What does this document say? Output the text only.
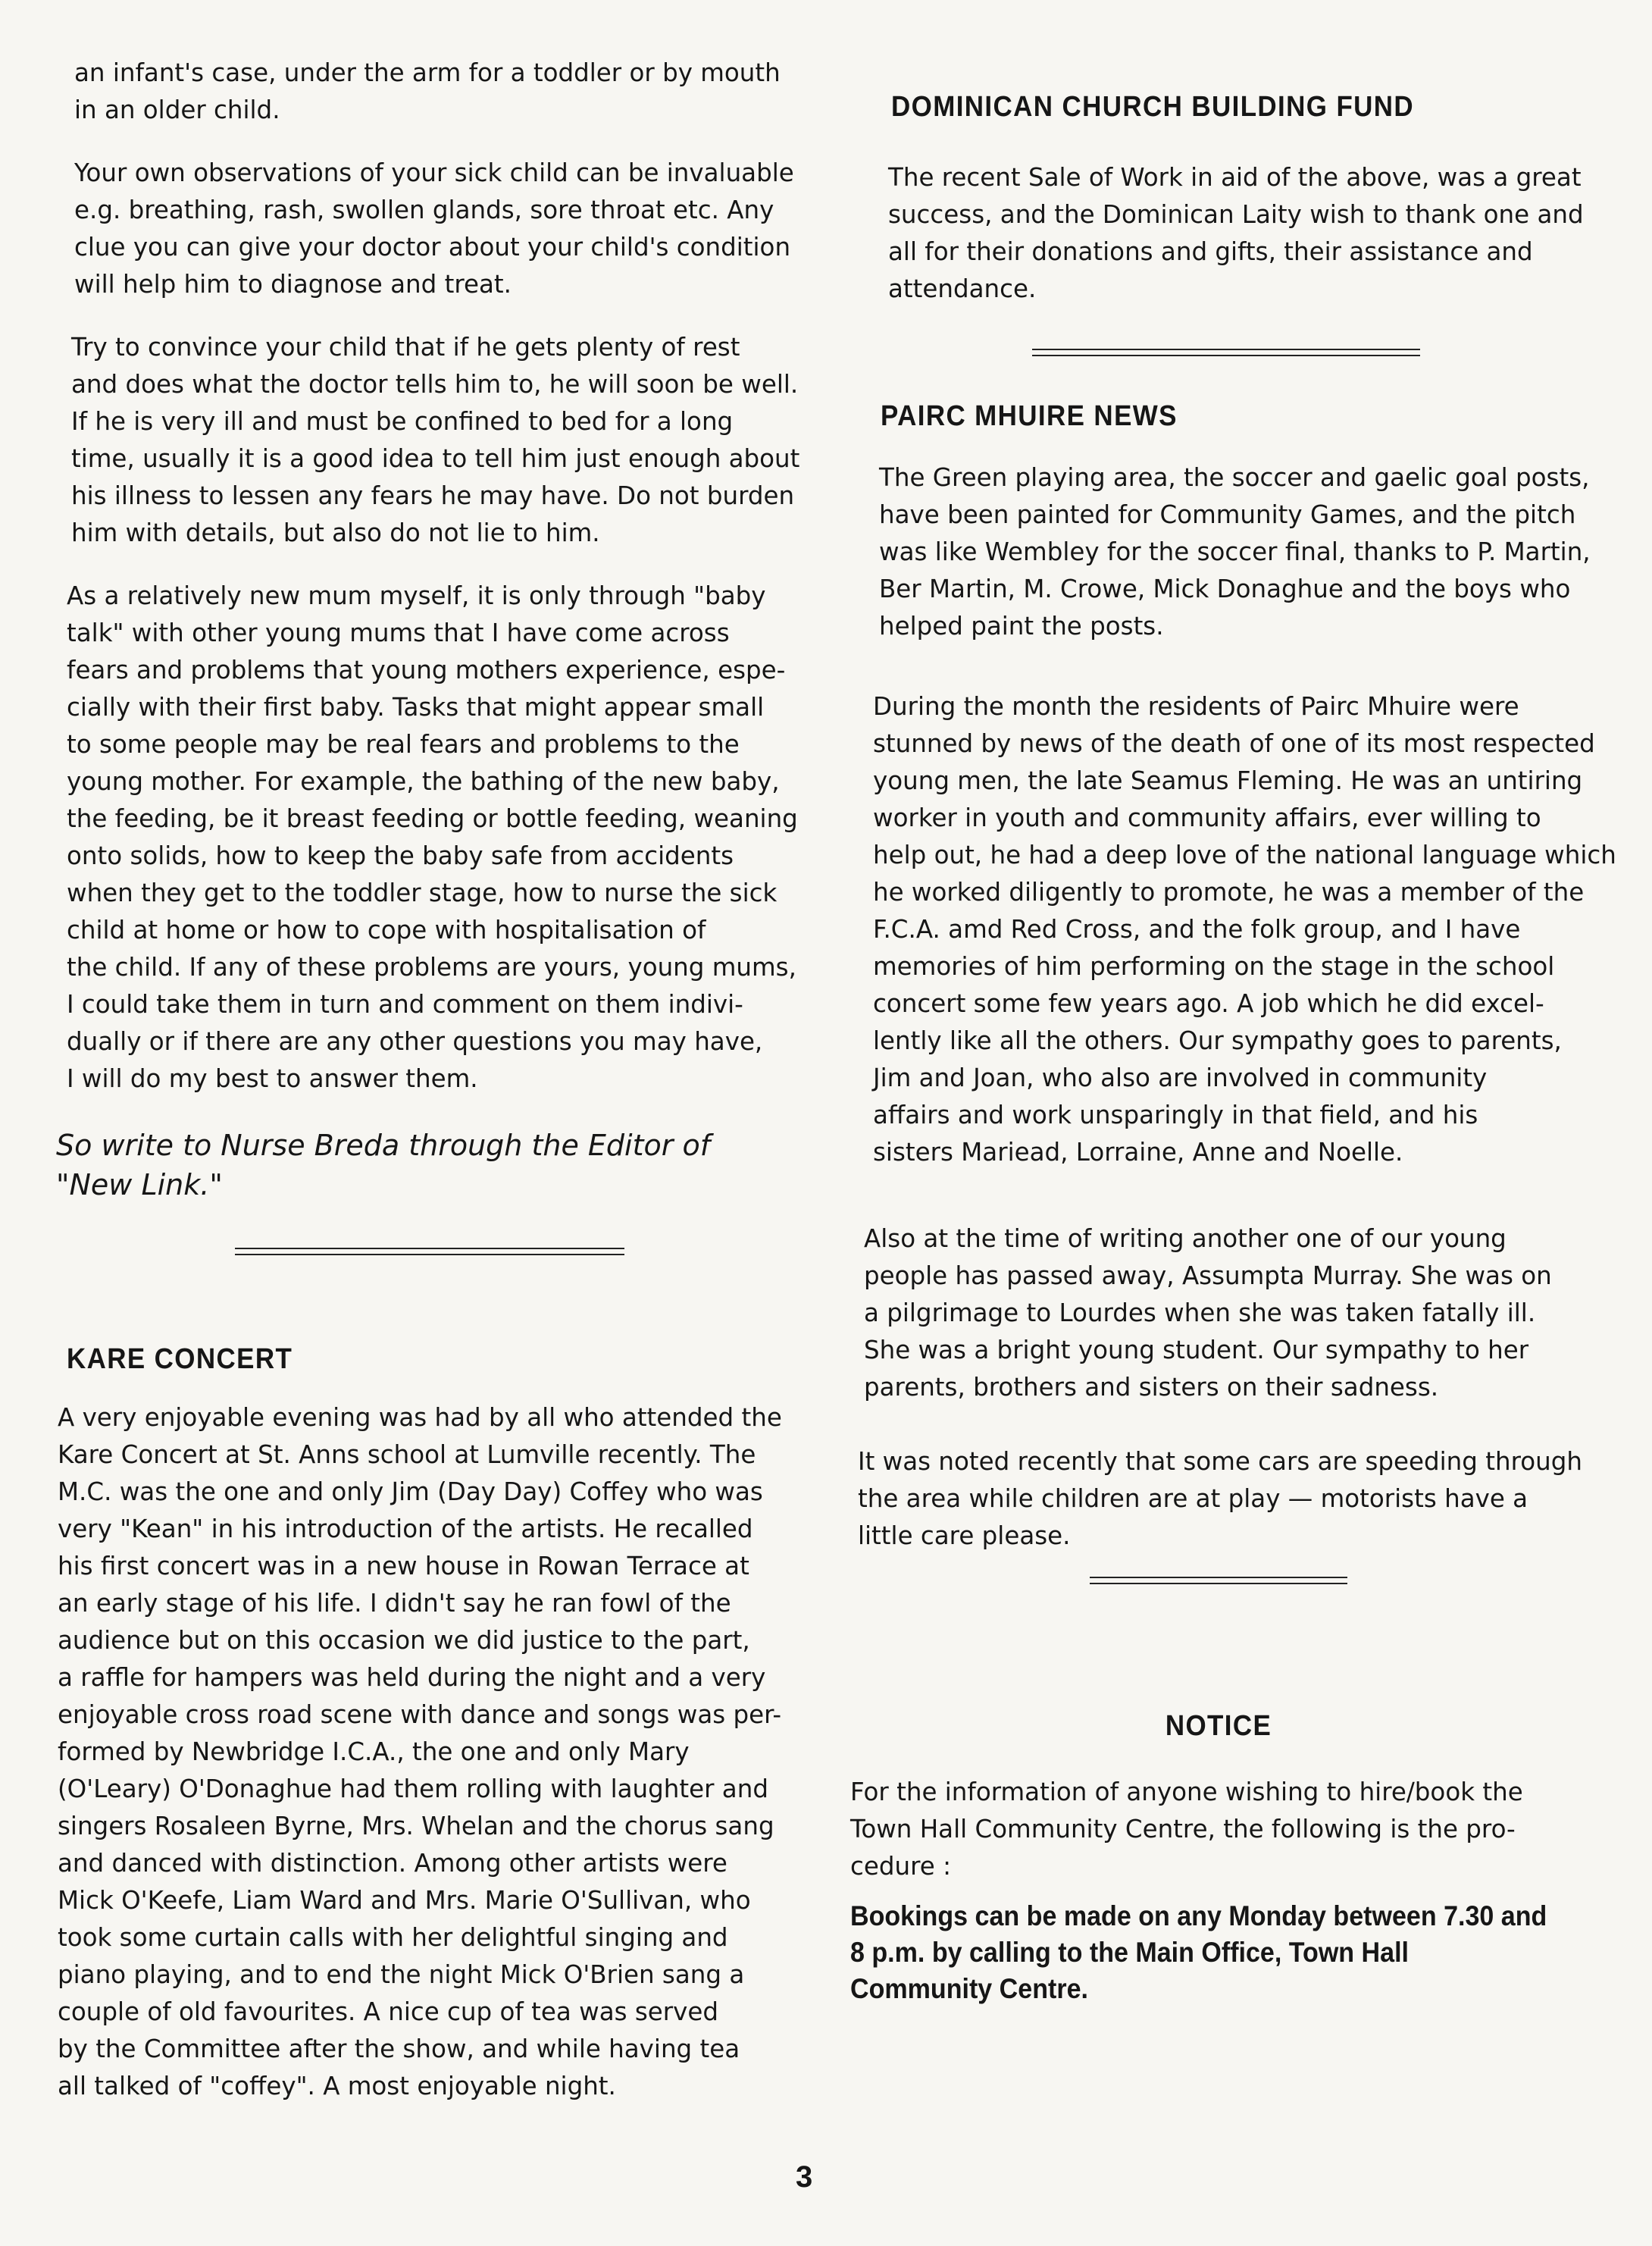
an infant's case, under the arm for a toddler or by mouth
in an older child.

Your own observations of your sick child can be invaluable
e.g. breathing, rash, swollen glands, sore throat etc. Any
clue you can give your doctor about your child's condition
will help him to diagnose and treat.

Try to convince your child that if he gets plenty of rest
and does what the doctor tells him to, he will soon be well.
If he is very ill and must be confined to bed for a long
time, usually it is a good idea to tell him just enough about
his illness to lessen any fears he may have. Do not burden
him with details, but also do not lie to him.

As a relatively new mum myself, it is only through "baby
talk" with other young mums that I have come across
fears and problems that young mothers experience, espe-
cially with their first baby. Tasks that might appear small
to some people may be real fears and problems to the
young mother. For example, the bathing of the new baby,
the feeding, be it breast feeding or bottle feeding, weaning
onto solids, how to keep the baby safe from accidents
when they get to the toddler stage, how to nurse the sick
child at home or how to cope with hospitalisation of
the child. If any of these problems are yours, young mums,
I could take them in turn and comment on them indivi-
dually or if there are any other questions you may have,
I will do my best to answer them.

So write to Nurse Breda through the Editor of
"New Link."

KARE CONCERT

A very enjoyable evening was had by all who attended the
Kare Concert at St. Anns school at Lumville recently. The
M.C. was the one and only Jim (Day Day) Coffey who was
very "Kean" in his introduction of the artists. He recalled
his first concert was in a new house in Rowan Terrace at
an early stage of his life. I didn't say he ran fowl of the
audience but on this occasion we did justice to the part,
a raffle for hampers was held during the night and a very
enjoyable cross road scene with dance and songs was per-
formed by Newbridge I.C.A., the one and only Mary
(O'Leary) O'Donaghue had them rolling with laughter and
singers Rosaleen Byrne, Mrs. Whelan and the chorus sang
and danced with distinction. Among other artists were
Mick O'Keefe, Liam Ward and Mrs. Marie O'Sullivan, who
took some curtain calls with her delightful singing and
piano playing, and to end the night Mick O'Brien sang a
couple of old favourites. A nice cup of tea was served
by the Committee after the show, and while having tea
all talked of "coffey". A most enjoyable night.

DOMINICAN CHURCH BUILDING FUND

The recent Sale of Work in aid of the above, was a great
success, and the Dominican Laity wish to thank one and
all for their donations and gifts, their assistance and
attendance.

PAIRC MHUIRE NEWS

The Green playing area, the soccer and gaelic goal posts,
have been painted for Community Games, and the pitch
was like Wembley for the soccer final, thanks to P. Martin,
Ber Martin, M. Crowe, Mick Donaghue and the boys who
helped paint the posts.

During the month the residents of Pairc Mhuire were
stunned by news of the death of one of its most respected
young men, the late Seamus Fleming. He was an untiring
worker in youth and community affairs, ever willing to
help out, he had a deep love of the national language which
he worked diligently to promote, he was a member of the
F.C.A. amd Red Cross, and the folk group, and I have
memories of him performing on the stage in the school
concert some few years ago. A job which he did excel-
lently like all the others. Our sympathy goes to parents,
Jim and Joan, who also are involved in community
affairs and work unsparingly in that field, and his
sisters Mariead, Lorraine, Anne and Noelle.

Also at the time of writing another one of our young
people has passed away, Assumpta Murray. She was on
a pilgrimage to Lourdes when she was taken fatally ill.
She was a bright young student. Our sympathy to her
parents, brothers and sisters on their sadness.

It was noted recently that some cars are speeding through
the area while children are at play — motorists have a
little care please.

NOTICE

For the information of anyone wishing to hire/book the
Town Hall Community Centre, the following is the pro-
cedure :

Bookings can be made on any Monday between 7.30 and
8 p.m. by calling to the Main Office, Town Hall
Community Centre.

3
